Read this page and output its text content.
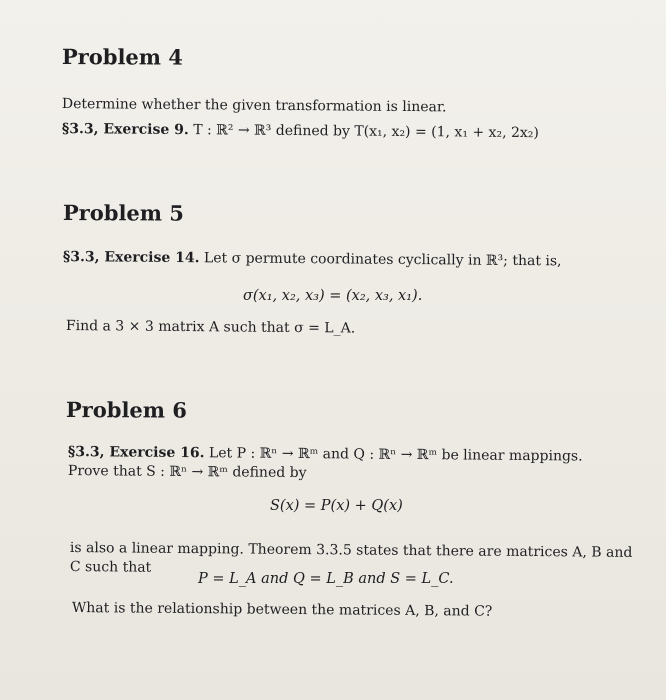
Problem 4
Determine whether the given transformation is linear.
§3.3, Exercise 9. T : ℝ² → ℝ³ defined by T(x₁, x₂) = (1, x₁ + x₂, 2x₂)
Problem 5
§3.3, Exercise 14. Let σ permute coordinates cyclically in ℝ³; that is,
σ(x₁, x₂, x₃) = (x₂, x₃, x₁).
Find a 3 × 3 matrix A such that σ = L_A.
Problem 6
§3.3, Exercise 16. Let P : ℝⁿ → ℝᵐ and Q : ℝⁿ → ℝᵐ be linear mappings.
Prove that S : ℝⁿ → ℝᵐ defined by
S(x) = P(x) + Q(x)
is also a linear mapping. Theorem 3.3.5 states that there are matrices A, B and
C such that
P = L_A and Q = L_B and S = L_C.
What is the relationship between the matrices A, B, and C?
